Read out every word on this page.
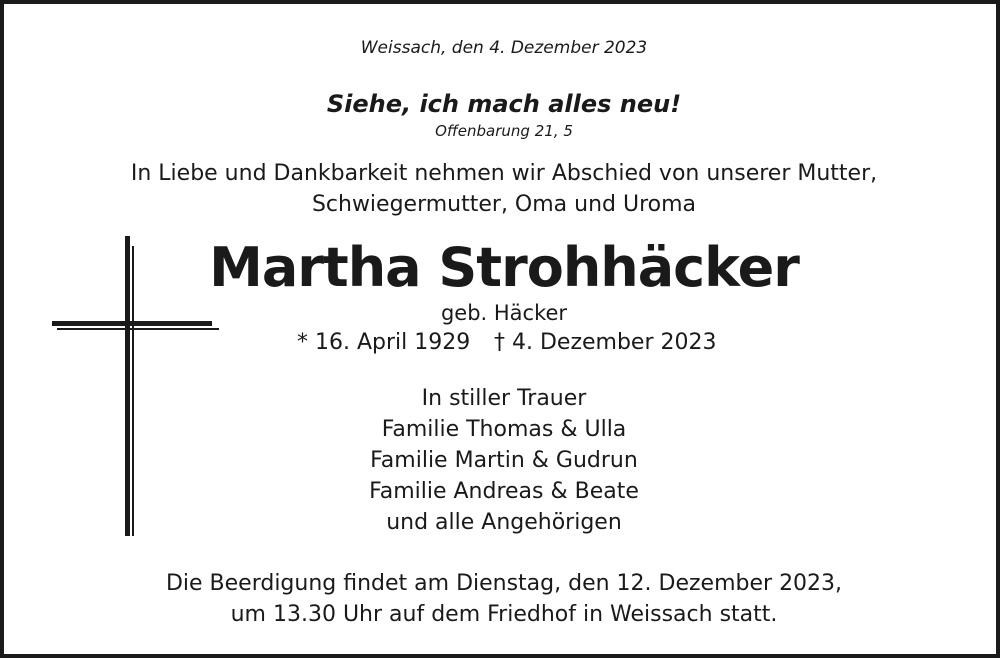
Weissach, den 4. Dezember 2023
Siehe, ich mach alles neu!
Offenbarung 21, 5
In Liebe und Dankbarkeit nehmen wir Abschied von unserer Mutter,
Schwiegermutter, Oma und Uroma
Martha Strohhäcker
geb. Häcker
* 16. April 1929 † 4. Dezember 2023
In stiller Trauer
Familie Thomas & Ulla
Familie Martin & Gudrun
Familie Andreas & Beate
und alle Angehörigen
Die Beerdigung findet am Dienstag, den 12. Dezember 2023,
um 13.30 Uhr auf dem Friedhof in Weissach statt.
